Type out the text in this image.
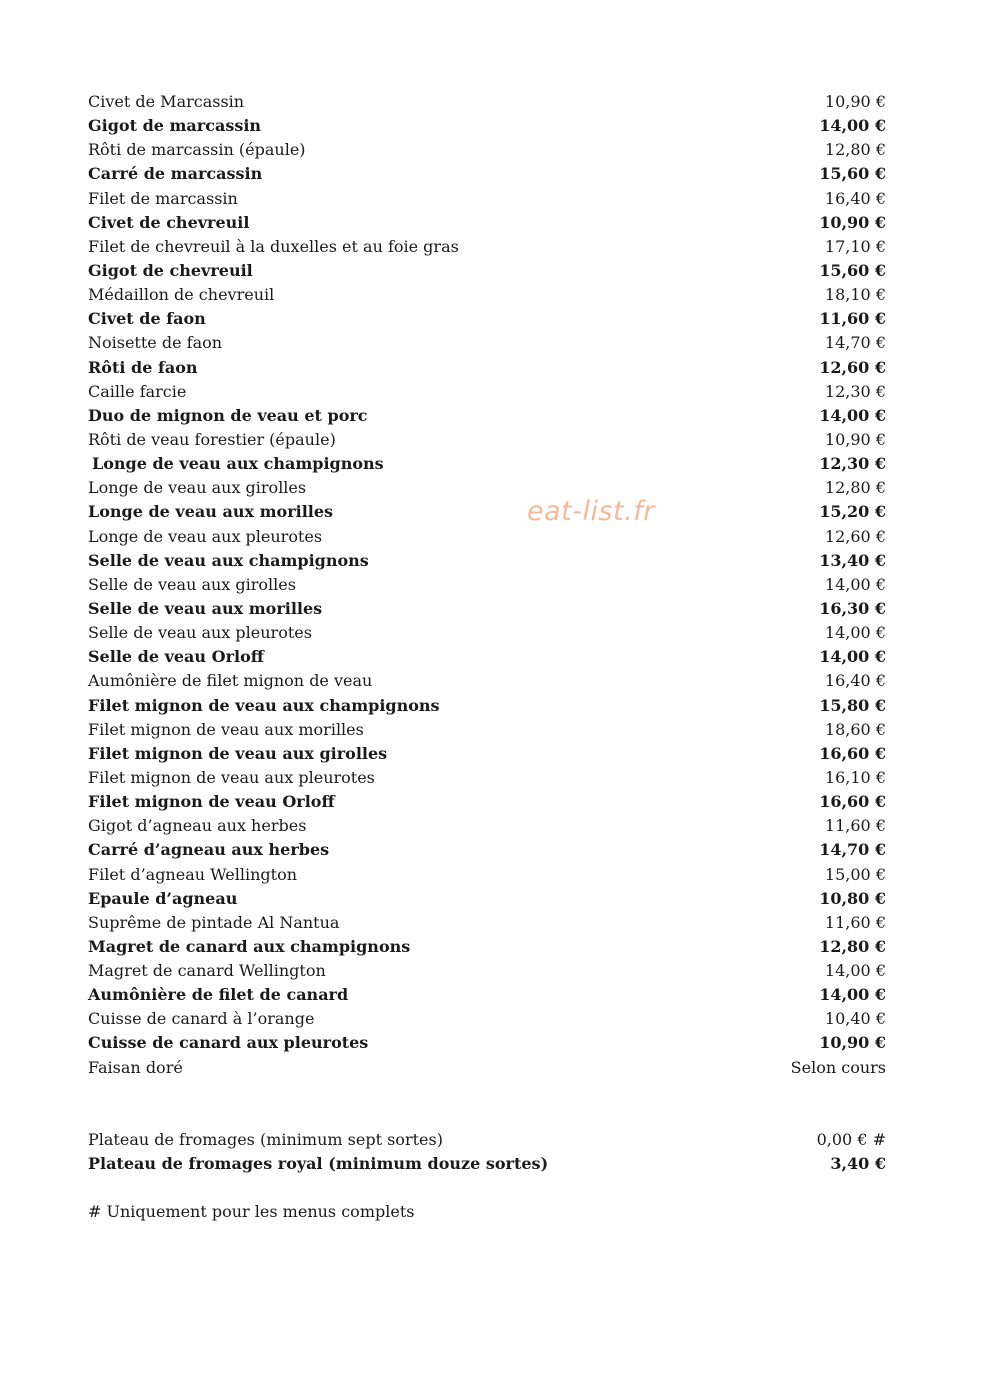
Civet de Marcassin	10,90 €
Gigot de marcassin	14,00 €
Rôti de marcassin (épaule)	12,80 €
Carré de marcassin	15,60 €
Filet de marcassin	16,40 €
Civet de chevreuil	10,90 €
Filet de chevreuil à la duxelles et au foie gras	17,10 €
Gigot de chevreuil	15,60 €
Médaillon de chevreuil	18,10 €
Civet de faon	11,60 €
Noisette de faon	14,70 €
Rôti de faon	12,60 €
Caille farcie	12,30 €
Duo de mignon de veau et porc	14,00 €
Rôti de veau forestier (épaule)	10,90 €
Longe de veau aux champignons	12,30 €
Longe de veau aux girolles	12,80 €
Longe de veau aux morilles	15,20 €
Longe de veau aux pleurotes	12,60 €
Selle de veau aux champignons	13,40 €
Selle de veau aux girolles	14,00 €
Selle de veau aux morilles	16,30 €
Selle de veau aux pleurotes	14,00 €
Selle de veau Orloff	14,00 €
Aumônière de filet mignon de veau	16,40 €
Filet mignon de veau aux champignons	15,80 €
Filet mignon de veau aux morilles	18,60 €
Filet mignon de veau aux girolles	16,60 €
Filet mignon de veau aux pleurotes	16,10 €
Filet mignon de veau Orloff	16,60 €
Gigot d’agneau aux herbes	11,60 €
Carré d’agneau aux herbes	14,70 €
Filet d’agneau Wellington	15,00 €
Epaule d’agneau	10,80 €
Suprême de pintade Al Nantua	11,60 €
Magret de canard aux champignons	12,80 €
Magret de canard Wellington	14,00 €
Aumônière de filet de canard	14,00 €
Cuisse de canard à l’orange	10,40 €
Cuisse de canard aux pleurotes	10,90 €
Faisan doré	Selon cours
Plateau de fromages (minimum sept sortes)	0,00 € #
Plateau de fromages royal (minimum douze sortes)	3,40 €
# Uniquement pour les menus complets
eat-list.fr
